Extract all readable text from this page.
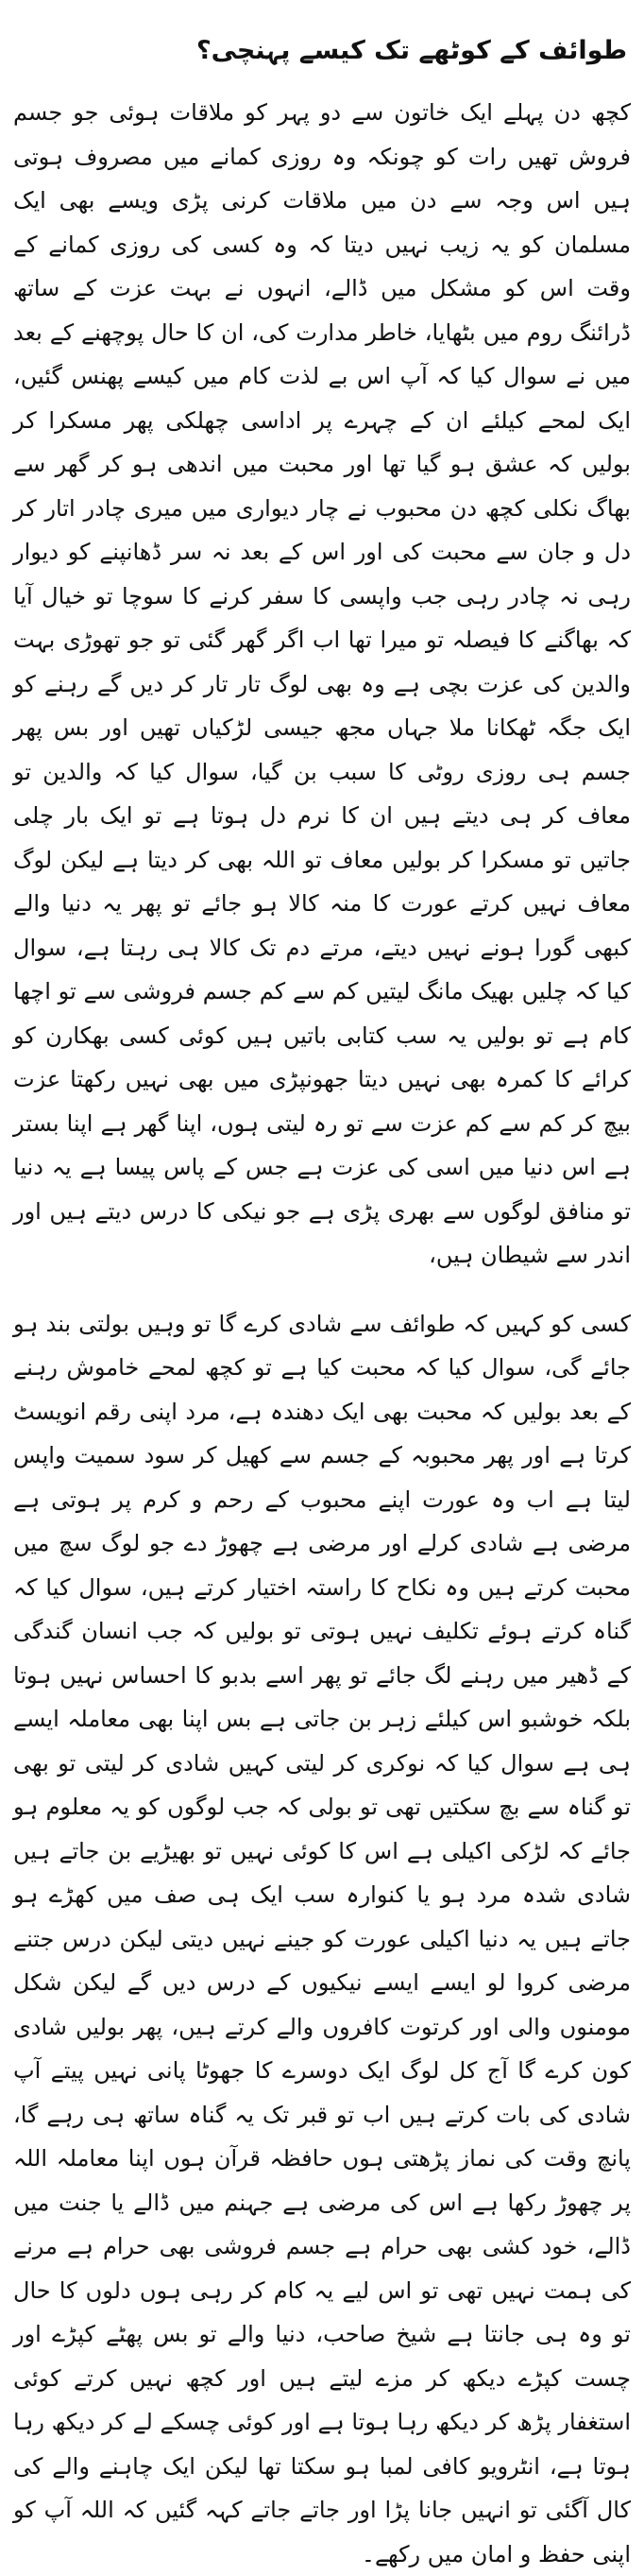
طوائف کے کوٹھے تک کیسے پہنچی؟

کچھ دن پہلے ایک خاتون سے دو پہر کو ملاقات ہوئی جو جسم فروش تھیں رات کو چونکہ وہ روزی کمانے میں مصروف ہوتی ہیں اس وجہ سے دن میں ملاقات کرنی پڑی ویسے بھی ایک مسلمان کو یہ زیب نہیں دیتا کہ وہ کسی کی روزی کمانے کے وقت اس کو مشکل میں ڈالے، انہوں نے بہت عزت کے ساتھ ڈرائنگ روم میں بٹھایا، خاطر مدارت کی، ان کا حال پوچھنے کے بعد میں نے سوال کیا کہ آپ اس بے لذت کام میں کیسے پھنس گئیں، ایک لمحے کیلئے ان کے چہرے پر اداسی چھلکی پھر مسکرا کر بولیں کہ عشق ہو گیا تھا اور محبت میں اندھی ہو کر گھر سے بھاگ نکلی کچھ دن محبوب نے چار دیواری میں میری چادر اتار کر دل و جان سے محبت کی اور اس کے بعد نہ سر ڈھانپنے کو دیوار رہی نہ چادر رہی جب واپسی کا سفر کرنے کا سوچا تو خیال آیا کہ بھاگنے کا فیصلہ تو میرا تھا اب اگر گھر گئی تو جو تھوڑی بہت والدین کی عزت بچی ہے وہ بھی لوگ تار تار کر دیں گے رہنے کو ایک جگہ ٹھکانا ملا جہاں مجھ جیسی لڑکیاں تھیں اور بس پھر جسم ہی روزی روٹی کا سبب بن گیا، سوال کیا کہ والدین تو معاف کر ہی دیتے ہیں ان کا نرم دل ہوتا ہے تو ایک بار چلی جاتیں تو مسکرا کر بولیں معاف تو اللہ بھی کر دیتا ہے لیکن لوگ معاف نہیں کرتے عورت کا منہ کالا ہو جائے تو پھر یہ دنیا والے کبھی گورا ہونے نہیں دیتے، مرتے دم تک کالا ہی رہتا ہے، سوال کیا کہ چلیں بھیک مانگ لیتیں کم سے کم جسم فروشی سے تو اچھا کام ہے تو بولیں یہ سب کتابی باتیں ہیں کوئی کسی بھکارن کو کرائے کا کمرہ بھی نہیں دیتا جھونپڑی میں بھی نہیں رکھتا عزت بیچ کر کم سے کم عزت سے تو رہ لیتی ہوں، اپنا گھر ہے اپنا بستر ہے اس دنیا میں اسی کی عزت ہے جس کے پاس پیسا ہے یہ دنیا تو منافق لوگوں سے بھری پڑی ہے جو نیکی کا درس دیتے ہیں اور اندر سے شیطان ہیں،

کسی کو کہیں کہ طوائف سے شادی کرے گا تو وہیں بولتی بند ہو جائے گی، سوال کیا کہ محبت کیا ہے تو کچھ لمحے خاموش رہنے کے بعد بولیں کہ محبت بھی ایک دھندہ ہے، مرد اپنی رقم انویسٹ کرتا ہے اور پھر محبوبہ کے جسم سے کھیل کر سود سمیت واپس لیتا ہے اب وہ عورت اپنے محبوب کے رحم و کرم پر ہوتی ہے مرضی ہے شادی کرلے اور مرضی ہے چھوڑ دے جو لوگ سچ میں محبت کرتے ہیں وہ نکاح کا راستہ اختیار کرتے ہیں، سوال کیا کہ گناہ کرتے ہوئے تکلیف نہیں ہوتی تو بولیں کہ جب انسان گندگی کے ڈھیر میں رہنے لگ جائے تو پھر اسے بدبو کا احساس نہیں ہوتا بلکہ خوشبو اس کیلئے زہر بن جاتی ہے بس اپنا بھی معاملہ ایسے ہی ہے سوال کیا کہ نوکری کر لیتی کہیں شادی کر لیتی تو بھی تو گناہ سے بچ سکتیں تھی تو بولی کہ جب لوگوں کو یہ معلوم ہو جائے کہ لڑکی اکیلی ہے اس کا کوئی نہیں تو بھیڑیے بن جاتے ہیں شادی شدہ مرد ہو یا کنوارہ سب ایک ہی صف میں کھڑے ہو جاتے ہیں یہ دنیا اکیلی عورت کو جینے نہیں دیتی لیکن درس جتنے مرضی کروا لو ایسے ایسے نیکیوں کے درس دیں گے لیکن شکل مومنوں والی اور کرتوت کافروں والے کرتے ہیں، پھر بولیں شادی کون کرے گا آج کل لوگ ایک دوسرے کا جھوٹا پانی نہیں پیتے آپ شادی کی بات کرتے ہیں اب تو قبر تک یہ گناہ ساتھ ہی رہے گا، پانچ وقت کی نماز پڑھتی ہوں حافظہ قرآن ہوں اپنا معاملہ اللہ پر چھوڑ رکھا ہے اس کی مرضی ہے جہنم میں ڈالے یا جنت میں ڈالے، خود کشی بھی حرام ہے جسم فروشی بھی حرام ہے مرنے کی ہمت نہیں تھی تو اس لیے یہ کام کر رہی ہوں دلوں کا حال تو وہ ہی جانتا ہے شیخ صاحب، دنیا والے تو بس پھٹے کپڑے اور چست کپڑے دیکھ کر مزے لیتے ہیں اور کچھ نہیں کرتے کوئی استغفار پڑھ کر دیکھ رہا ہوتا ہے اور کوئی چسکے لے کر دیکھ رہا ہوتا ہے، انٹرویو کافی لمبا ہو سکتا تھا لیکن ایک چاہنے والے کی کال آگئی تو انہیں جانا پڑا اور جاتے جاتے کہہ گئیں کہ اللہ آپ کو اپنی حفظ و امان میں رکھے۔
